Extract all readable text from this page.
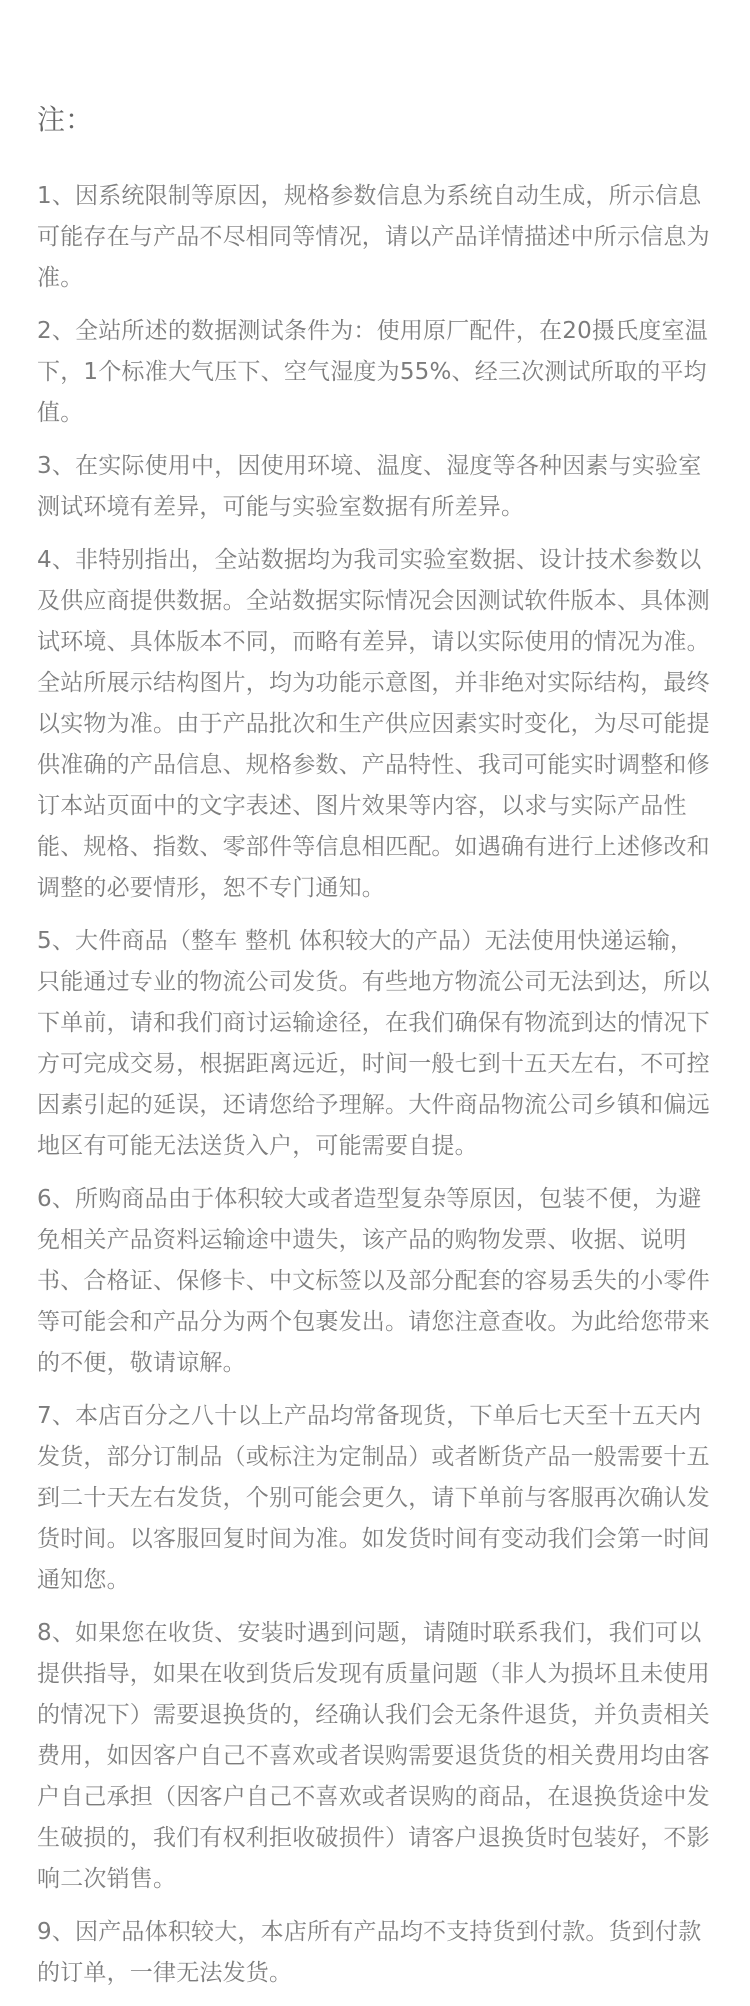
注：

1、因系统限制等原因，规格参数信息为系统自动生成，所示信息可能存在与产品不尽相同等情况，请以产品详情描述中所示信息为准。

2、全站所述的数据测试条件为：使用原厂配件，在20摄氏度室温下，1个标准大气压下、空气湿度为55%、经三次测试所取的平均值。

3、在实际使用中，因使用环境、温度、湿度等各种因素与实验室测试环境有差异，可能与实验室数据有所差异。

4、非特别指出，全站数据均为我司实验室数据、设计技术参数以及供应商提供数据。全站数据实际情况会因测试软件版本、具体测试环境、具体版本不同，而略有差异，请以实际使用的情况为准。全站所展示结构图片，均为功能示意图，并非绝对实际结构，最终以实物为准。由于产品批次和生产供应因素实时变化，为尽可能提供准确的产品信息、规格参数、产品特性、我司可能实时调整和修订本站页面中的文字表述、图片效果等内容，以求与实际产品性能、规格、指数、零部件等信息相匹配。如遇确有进行上述修改和调整的必要情形，恕不专门通知。

5、大件商品（整车 整机 体积较大的产品）无法使用快递运输，只能通过专业的物流公司发货。有些地方物流公司无法到达，所以下单前，请和我们商讨运输途径，在我们确保有物流到达的情况下方可完成交易，根据距离远近，时间一般七到十五天左右，不可控因素引起的延误，还请您给予理解。大件商品物流公司乡镇和偏远地区有可能无法送货入户，可能需要自提。

6、所购商品由于体积较大或者造型复杂等原因，包装不便，为避免相关产品资料运输途中遗失，该产品的购物发票、收据、说明书、合格证、保修卡、中文标签以及部分配套的容易丢失的小零件等可能会和产品分为两个包裹发出。请您注意查收。为此给您带来的不便，敬请谅解。

7、本店百分之八十以上产品均常备现货，下单后七天至十五天内发货，部分订制品（或标注为定制品）或者断货产品一般需要十五到二十天左右发货，个别可能会更久，请下单前与客服再次确认发货时间。以客服回复时间为准。如发货时间有变动我们会第一时间通知您。

8、如果您在收货、安装时遇到问题，请随时联系我们，我们可以提供指导，如果在收到货后发现有质量问题（非人为损坏且未使用的情况下）需要退换货的，经确认我们会无条件退货，并负责相关费用，如因客户自己不喜欢或者误购需要退货货的相关费用均由客户自己承担（因客户自己不喜欢或者误购的商品，在退换货途中发生破损的，我们有权利拒收破损件）请客户退换货时包装好，不影响二次销售。

9、因产品体积较大，本店所有产品均不支持货到付款。货到付款的订单，一律无法发货。
